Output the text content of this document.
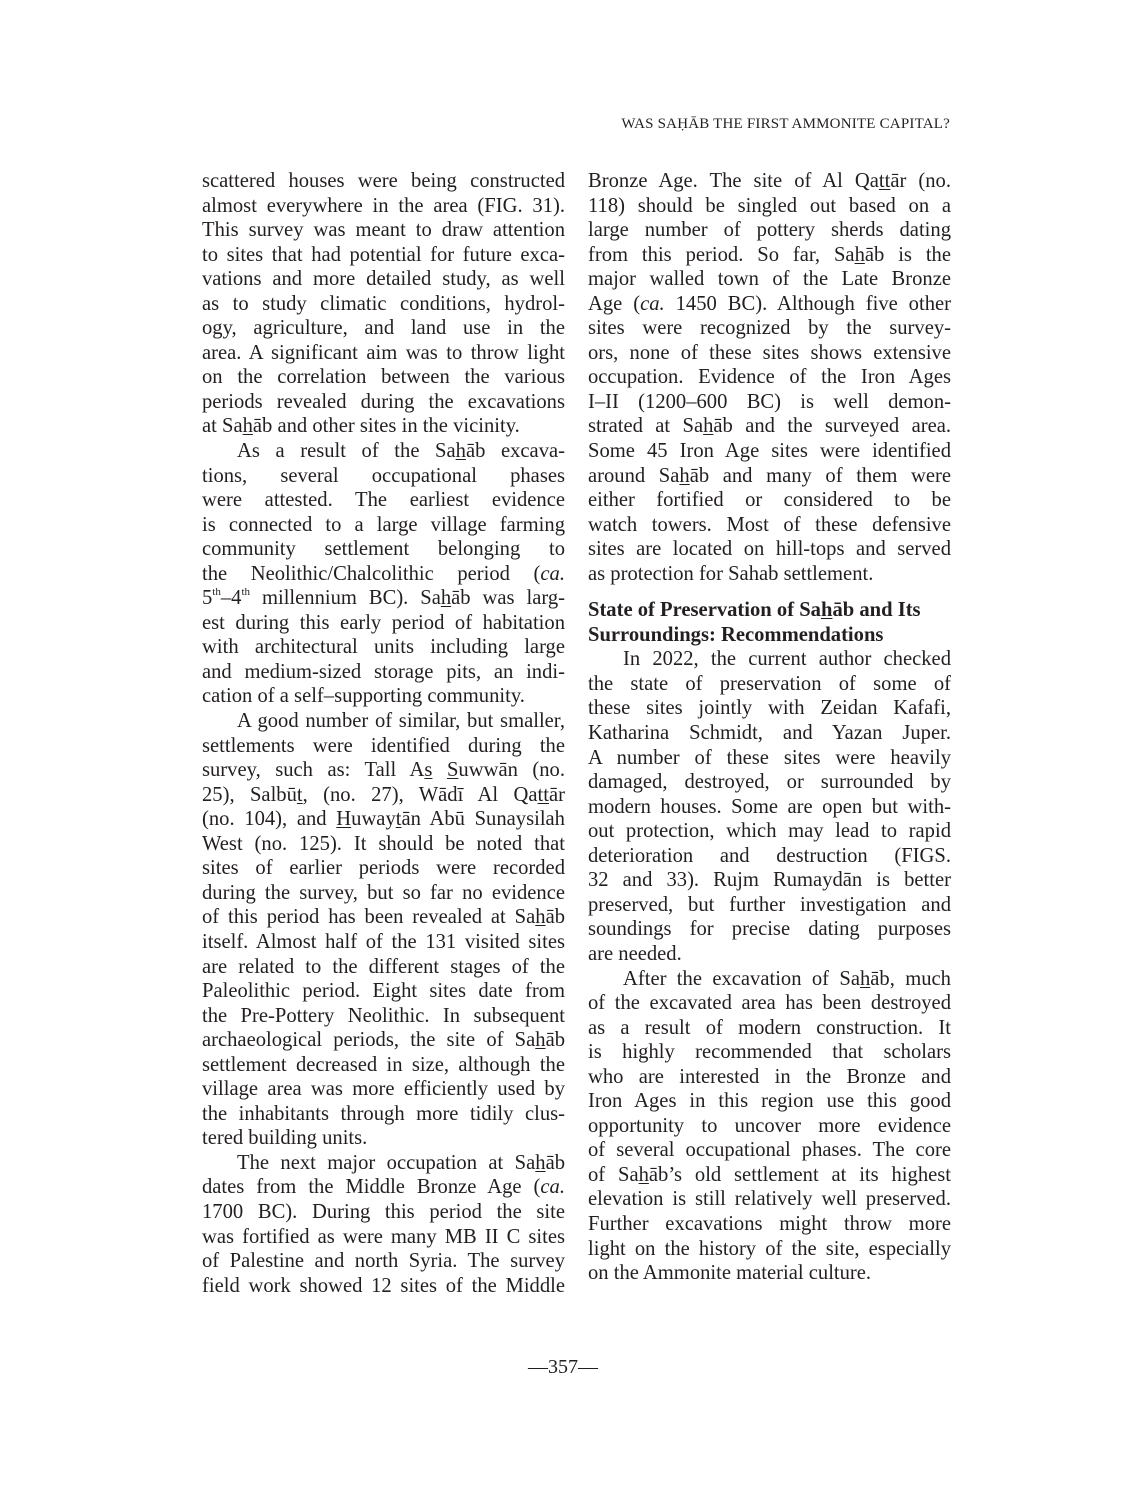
WAS SAḤĀB THE FIRST AMMONITE CAPITAL?
scattered houses were being constructed
almost everywhere in the area (FIG. 31).
This survey was meant to draw attention
to sites that had potential for future exca-
vations and more detailed study, as well
as to study climatic conditions, hydrol-
ogy, agriculture, and land use in the
area. A significant aim was to throw light
on the correlation between the various
periods revealed during the excavations
at Sahāb and other sites in the vicinity.
As a result of the Sahāb excava-
tions, several occupational phases
were attested. The earliest evidence
is connected to a large village farming
community settlement belonging to
the Neolithic/Chalcolithic period (ca.
5th–4th millennium BC). Sahāb was larg-
est during this early period of habitation
with architectural units including large
and medium-sized storage pits, an indi-
cation of a self–supporting community.
A good number of similar, but smaller,
settlements were identified during the
survey, such as: Tall As Suwwān (no.
25), Salbūt, (no. 27), Wādī Al Qattār
(no. 104), and Huwaytān Abū Sunaysilah
West (no. 125). It should be noted that
sites of earlier periods were recorded
during the survey, but so far no evidence
of this period has been revealed at Sahāb
itself. Almost half of the 131 visited sites
are related to the different stages of the
Paleolithic period. Eight sites date from
the Pre-Pottery Neolithic. In subsequent
archaeological periods, the site of Sahāb
settlement decreased in size, although the
village area was more efficiently used by
the inhabitants through more tidily clus-
tered building units.
The next major occupation at Sahāb
dates from the Middle Bronze Age (ca.
1700 BC). During this period the site
was fortified as were many MB II C sites
of Palestine and north Syria. The survey
field work showed 12 sites of the Middle
Bronze Age. The site of Al Qattār (no.
118) should be singled out based on a
large number of pottery sherds dating
from this period. So far, Sahāb is the
major walled town of the Late Bronze
Age (ca. 1450 BC). Although five other
sites were recognized by the survey-
ors, none of these sites shows extensive
occupation. Evidence of the Iron Ages
I–II (1200–600 BC) is well demon-
strated at Sahāb and the surveyed area.
Some 45 Iron Age sites were identified
around Sahāb and many of them were
either fortified or considered to be
watch towers. Most of these defensive
sites are located on hill-tops and served
as protection for Sahab settlement.
State of Preservation of Sahāb and Its
Surroundings: Recommendations
In 2022, the current author checked
the state of preservation of some of
these sites jointly with Zeidan Kafafi,
Katharina Schmidt, and Yazan Juper.
A number of these sites were heavily
damaged, destroyed, or surrounded by
modern houses. Some are open but with-
out protection, which may lead to rapid
deterioration and destruction (FIGS.
32 and 33). Rujm Rumaydān is better
preserved, but further investigation and
soundings for precise dating purposes
are needed.
After the excavation of Sahāb, much
of the excavated area has been destroyed
as a result of modern construction. It
is highly recommended that scholars
who are interested in the Bronze and
Iron Ages in this region use this good
opportunity to uncover more evidence
of several occupational phases. The core
of Sahāb’s old settlement at its highest
elevation is still relatively well preserved.
Further excavations might throw more
light on the history of the site, especially
on the Ammonite material culture.
—357—
